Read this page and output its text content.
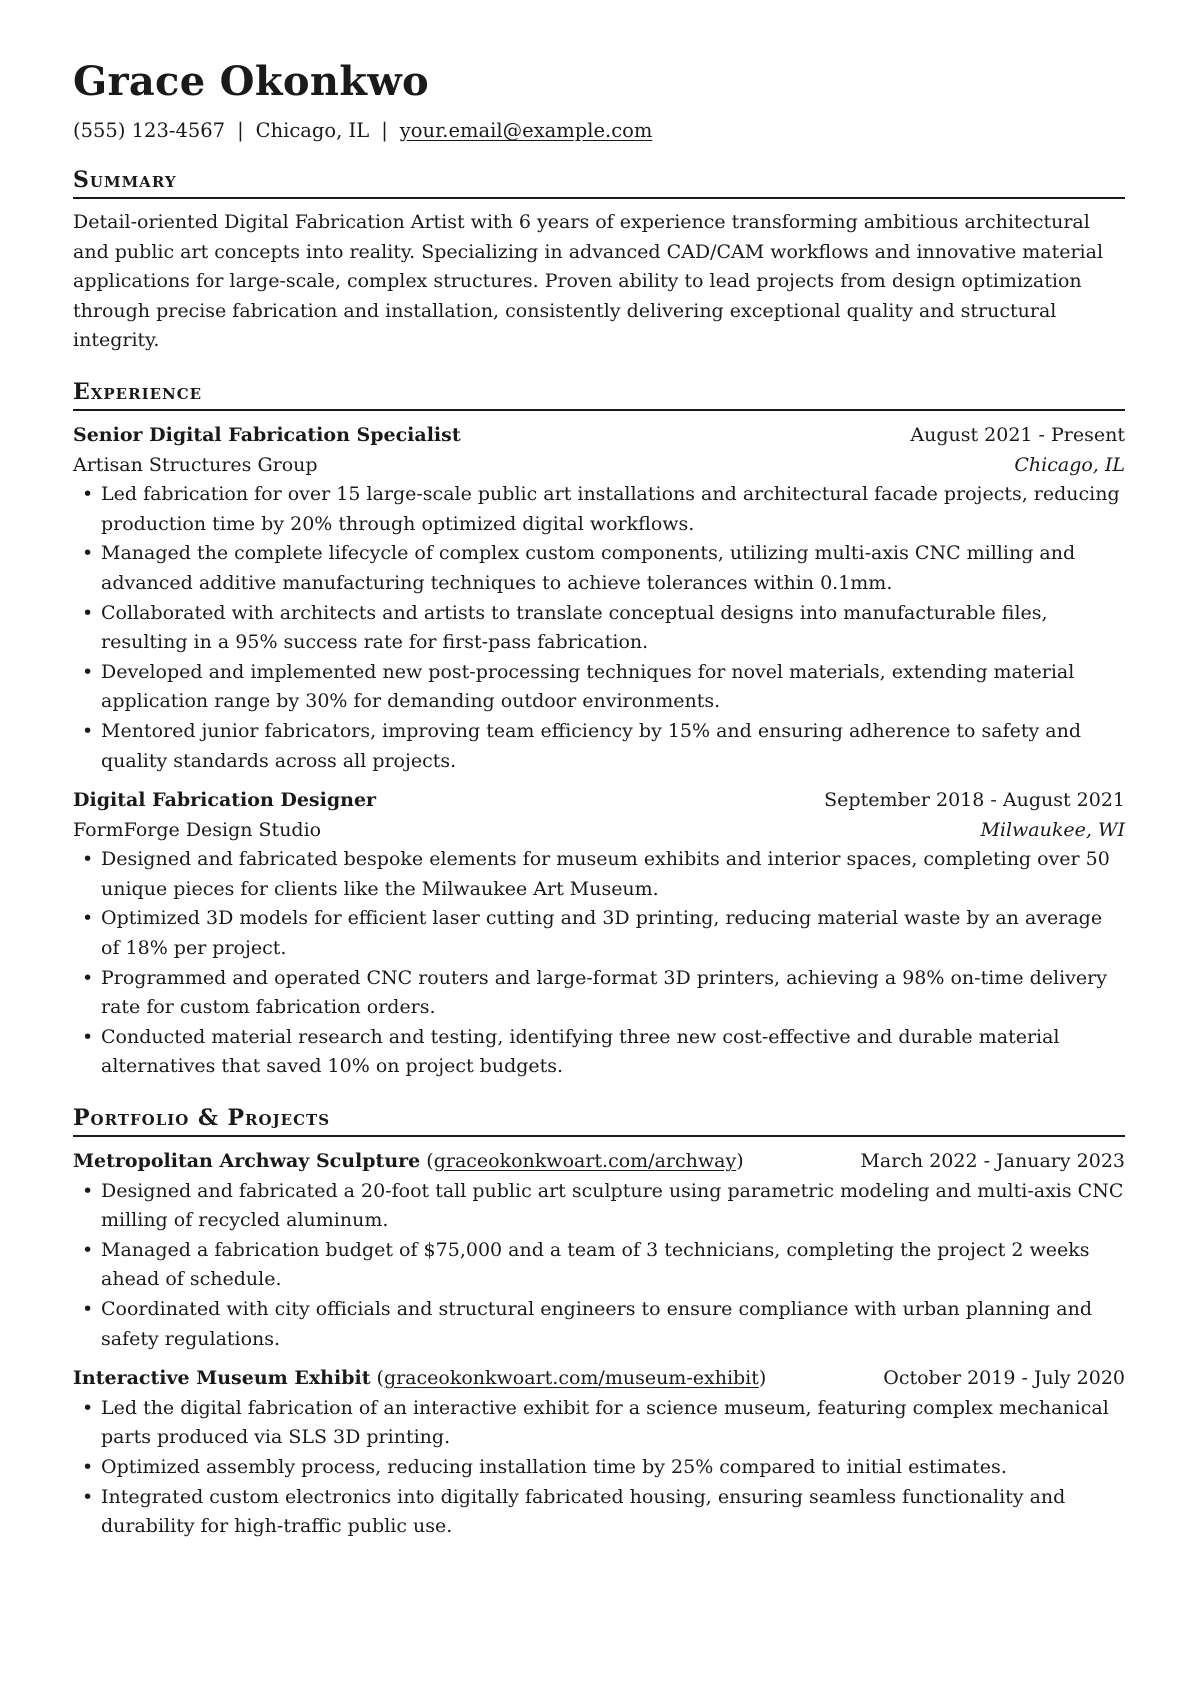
Grace Okonkwo
(555) 123-4567 | Chicago, IL | your.email@example.com
Summary

Detail-oriented Digital Fabrication Artist with 6 years of experience transforming ambitious architectural and public art concepts into reality. Specializing in advanced CAD/CAM workflows and innovative material applications for large-scale, complex structures. Proven ability to lead projects from design optimization through precise fabrication and installation, consistently delivering exceptional quality and structural integrity.

Experience
Senior Digital Fabrication Specialist	August 2021 - Present
Artisan Structures Group	Chicago, IL
• Led fabrication for over 15 large-scale public art installations and architectural facade projects, reducing production time by 20% through optimized digital workflows.
• Managed the complete lifecycle of complex custom components, utilizing multi-axis CNC milling and advanced additive manufacturing techniques to achieve tolerances within 0.1mm.
• Collaborated with architects and artists to translate conceptual designs into manufacturable files, resulting in a 95% success rate for first-pass fabrication.
• Developed and implemented new post-processing techniques for novel materials, extending material application range by 30% for demanding outdoor environments.
• Mentored junior fabricators, improving team efficiency by 15% and ensuring adherence to safety and quality standards across all projects.
Digital Fabrication Designer	September 2018 - August 2021
FormForge Design Studio	Milwaukee, WI
• Designed and fabricated bespoke elements for museum exhibits and interior spaces, completing over 50 unique pieces for clients like the Milwaukee Art Museum.
• Optimized 3D models for efficient laser cutting and 3D printing, reducing material waste by an average of 18% per project.
• Programmed and operated CNC routers and large-format 3D printers, achieving a 98% on-time delivery rate for custom fabrication orders.
• Conducted material research and testing, identifying three new cost-effective and durable material alternatives that saved 10% on project budgets.
Portfolio & Projects
Metropolitan Archway Sculpture (graceokonkwoart.com/archway)	March 2022 - January 2023
• Designed and fabricated a 20-foot tall public art sculpture using parametric modeling and multi-axis CNC milling of recycled aluminum.
• Managed a fabrication budget of $75,000 and a team of 3 technicians, completing the project 2 weeks ahead of schedule.
• Coordinated with city officials and structural engineers to ensure compliance with urban planning and safety regulations.
Interactive Museum Exhibit (graceokonkwoart.com/museum-exhibit)	October 2019 - July 2020
• Led the digital fabrication of an interactive exhibit for a science museum, featuring complex mechanical parts produced via SLS 3D printing.
• Optimized assembly process, reducing installation time by 25% compared to initial estimates.
• Integrated custom electronics into digitally fabricated housing, ensuring seamless functionality and durability for high-traffic public use.
